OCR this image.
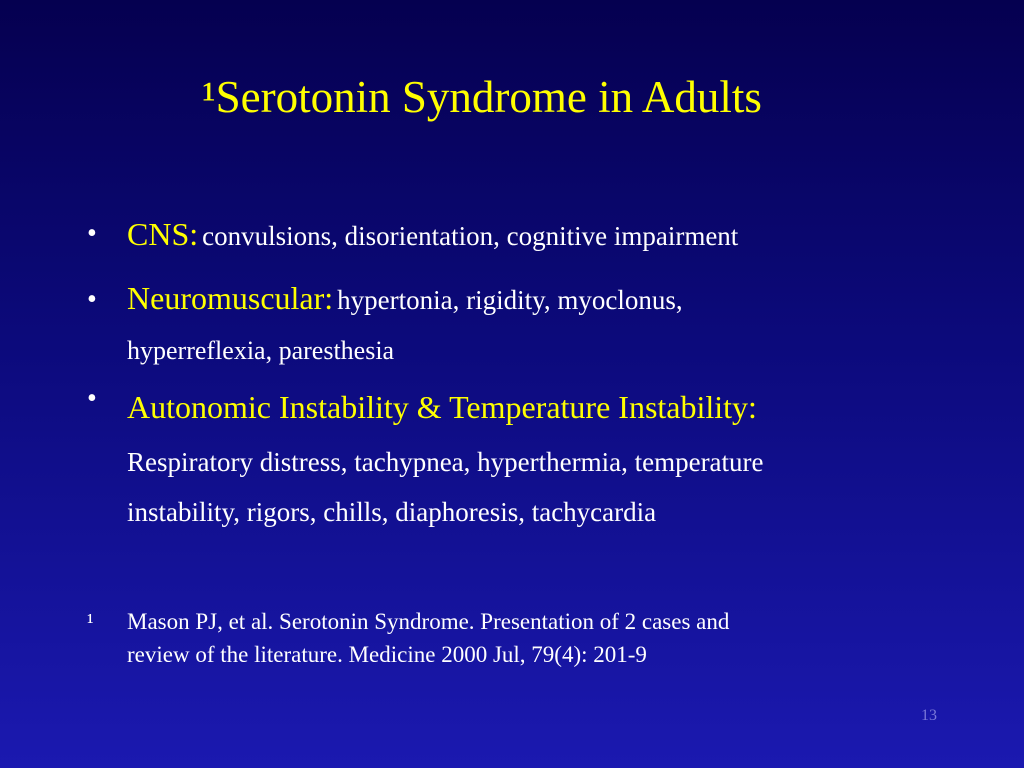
¹Serotonin Syndrome in Adults
• CNS: convulsions, disorientation, cognitive impairment
• Neuromuscular: hypertonia, rigidity, myoclonus,
hyperreflexia, paresthesia
• Autonomic Instability & Temperature Instability:
Respiratory distress, tachypnea, hyperthermia, temperature
instability, rigors, chills, diaphoresis, tachycardia
¹ Mason PJ, et al. Serotonin Syndrome. Presentation of 2 cases and
review of the literature. Medicine 2000 Jul, 79(4): 201-9
13
